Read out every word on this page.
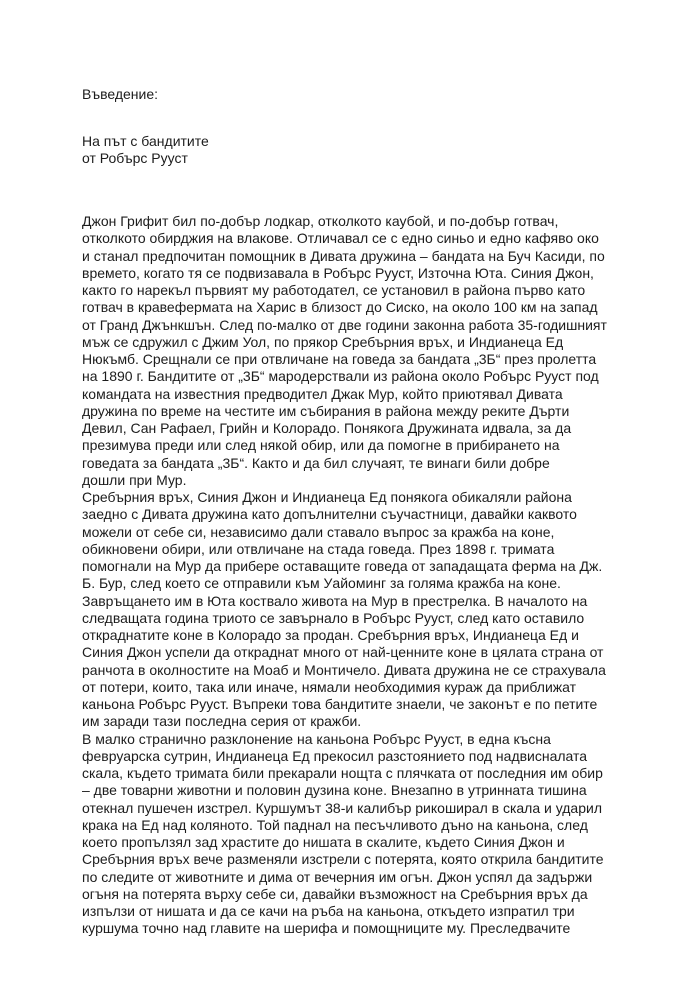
Въведение:
На път с бандитите
от Робърс Рууст
Джон Грифит бил по-добър лодкар, отколкото каубой, и по-добър готвач,
отколкото обирджия на влакове. Отличавал се с едно синьо и едно кафяво око
и станал предпочитан помощник в Дивата дружина – бандата на Буч Касиди, по
времето, когато тя се подвизавала в Робърс Рууст, Източна Юта. Синия Джон,
както го нарекъл първият му работодател, се установил в района първо като
готвач в кравефермата на Харис в близост до Сиско, на около 100 км на запад
от Гранд Джънкшън. След по-малко от две години законна работа 35-годишният
мъж се сдружил с Джим Уол, по прякор Сребърния връх, и Индианеца Ед
Нюкъмб. Срещнали се при отвличане на говеда за бандата „3Б“ през пролетта
на 1890 г. Бандитите от „3Б“ мародерствали из района около Робърс Рууст под
командата на известния предводител Джак Мур, който приютявал Дивата
дружина по време на честите им събирания в района между реките Дърти
Девил, Сан Рафаел, Грийн и Колорадо. Понякога Дружината идвала, за да
презимува преди или след някой обир, или да помогне в прибирането на
говедата за бандата „3Б“. Както и да бил случаят, те винаги били добре
дошли при Мур.
Сребърния връх, Синия Джон и Индианеца Ед понякога обикаляли района
заедно с Дивата дружина като допълнителни съучастници, давайки каквото
можели от себе си, независимо дали ставало въпрос за кражба на коне,
обикновени обири, или отвличане на стада говеда. През 1898 г. тримата
помогнали на Мур да прибере оставащите говеда от западащата ферма на Дж.
Б. Бур, след което се отправили към Уайоминг за голяма кражба на коне.
Завръщането им в Юта коствало живота на Мур в престрелка. В началото на
следващата година триото се завърнало в Робърс Рууст, след като оставило
откраднатите коне в Колорадо за продан. Сребърния връх, Индианеца Ед и
Синия Джон успели да откраднат много от най-ценните коне в цялата страна от
ранчота в околностите на Моаб и Монтичело. Дивата дружина не се страхувала
от потери, които, така или иначе, нямали необходимия кураж да приближат
каньона Робърс Рууст. Въпреки това бандитите знаели, че законът е по петите
им заради тази последна серия от кражби.
В малко странично разклонение на каньона Робърс Рууст, в една късна
февруарска сутрин, Индианеца Ед прекосил разстоянието под надвисналата
скала, където тримата били прекарали нощта с плячката от последния им обир
– две товарни животни и половин дузина коне. Внезапно в утринната тишина
отекнал пушечен изстрел. Куршумът 38-и калибър рикоширал в скала и ударил
крака на Ед над коляното. Той паднал на песъчливото дъно на каньона, след
което пропълзял зад храстите до нишата в скалите, където Синия Джон и
Сребърния връх вече разменяли изстрели с потерята, която открила бандитите
по следите от животните и дима от вечерния им огън. Джон успял да задържи
огъня на потерята върху себе си, давайки възможност на Сребърния връх да
изпълзи от нишата и да се качи на ръба на каньона, откъдето изпратил три
куршума точно над главите на шерифа и помощниците му. Преследвачите
